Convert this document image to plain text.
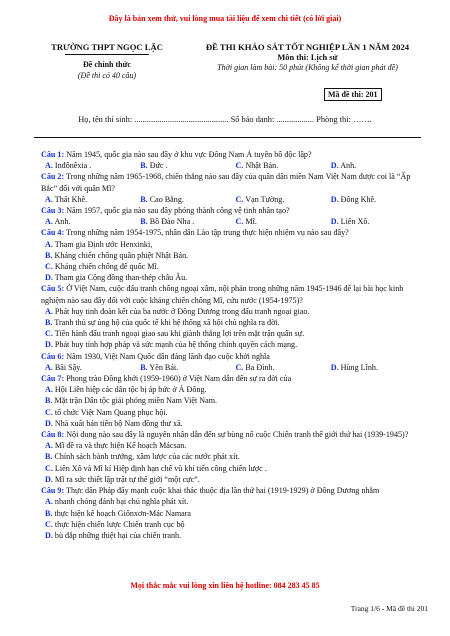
Đây là bản xem thử, vui lòng mua tài liệu để xem chi tiết (có lời giải)
TRƯỜNG THPT NGỌC LẶC
Đề chính thức
(Đề thi có 40 câu)
ĐỀ THI KHẢO SÁT TỐT NGHIỆP LẦN 1 NĂM 2024
Môn thi: Lịch sử
Thời gian làm bài: 50 phút (Không kể thời gian phát đề)
Mã đề thi: 201
Họ, tên thí sinh: ............................................. Số báo danh: .................. Phòng thi: …….
Câu 1: Năm 1945, quốc gia nào sau đây ở khu vực Đông Nam Á tuyên bố độc lập?
A. Inđônêxia .	B. Đức .	C. Nhật Bản.	D. Anh.
Câu 2: Trong những năm 1965-1968, chiến thắng nào sau đây của quân dân miền Nam Việt Nam được coi là “Ấp Bắc” đối với quân Mĩ?
A. Thất Khê.	B. Cao Bằng.	C. Vạn Tường.	D. Đông Khê.
Câu 3: Năm 1957, quốc gia nào sau đây phóng thành công vệ tinh nhân tạo?
A. Anh.	B. Bồ Đào Nha .	C. Mĩ.	D. Liên Xô.
Câu 4: Trong những năm 1954-1975, nhân dân Lào tập trung thực hiện nhiệm vụ nào sau đây?
A. Tham gia Định ước Henxinki,
B. Kháng chiến chống quân phiệt Nhật Bản.
C. Kháng chiến chống đế quốc Mĩ.
D. Tham gia Cộng đồng than-thép châu Âu.
Câu 5: Ở Việt Nam, cuộc đấu tranh chống ngoại xâm, nội phản trong những năm 1945-1946 để lại bài học kinh nghiệm nào sau đây đối với cuộc kháng chiến chống Mĩ, cứu nước (1954-1975)?
A. Phát huy tinh đoàn kết của ba nước ở Đông Dương trong đấu tranh ngoại giao.
B. Tranh thủ sự ủng hộ của quốc tế khi hệ thống xã hội chủ nghĩa ra đời.
C. Tiến hành đấu tranh ngoại giao sau khi giành thắng lợi trên mặt trận quân sự.
D. Phát huy tính hợp pháp và sức mạnh của hệ thống chính quyền cách mạng.
Câu 6: Năm 1930, Việt Nam Quốc dân đảng lãnh đạo cuộc khởi nghĩa
A. Bãi Sậy.	B. Yên Bái.	C. Ba Đình.	D. Hùng Lĩnh.
Câu 7: Phong trào Đồng khởi (1959-1960) ở Việt Nam dẫn đến sự ra đời của
A. Hội Liên hiệp các dân tộc bị áp bức ở Á Đông.
B. Mặt trận Dân tộc giải phóng miền Nam Việt Nam.
C. tổ chức Việt Nam Quang phục hội.
D. Nhà xuất bản tiến bộ Nam đồng thư xã.
Câu 8: Nội dung nào sau đây là nguyên nhân dẫn đến sự bùng nổ cuộc Chiến tranh thế giới thứ hai (1939-1945)?
A. Mĩ đề ra và thực hiện Kế hoạch Mácsan.
B. Chính sách bành trướng, xâm lược của các nước phát xít.
C. Liên Xô và Mĩ kí Hiệp định hạn chế vũ khí tiến công chiến lược .
D. Mĩ ra sức thiết lập trật tự thế giới “một cực”.
Câu 9: Thực dân Pháp đẩy mạnh cuộc khai thác thuộc địa lần thứ hai (1919-1929) ở Đông Dương nhằm
A. nhanh chóng đánh bại chủ nghĩa phát xít.
B. thực hiện kế hoạch Giônxơn-Mác Namara
C. thực hiện chiến lược Chiến tranh cục bộ
D. bù đắp những thiệt hại của chiến tranh.
Mọi thắc mắc vui lòng xin liên hệ hotline: 084 283 45 85
Trang 1/6 - Mã đề thi 201
